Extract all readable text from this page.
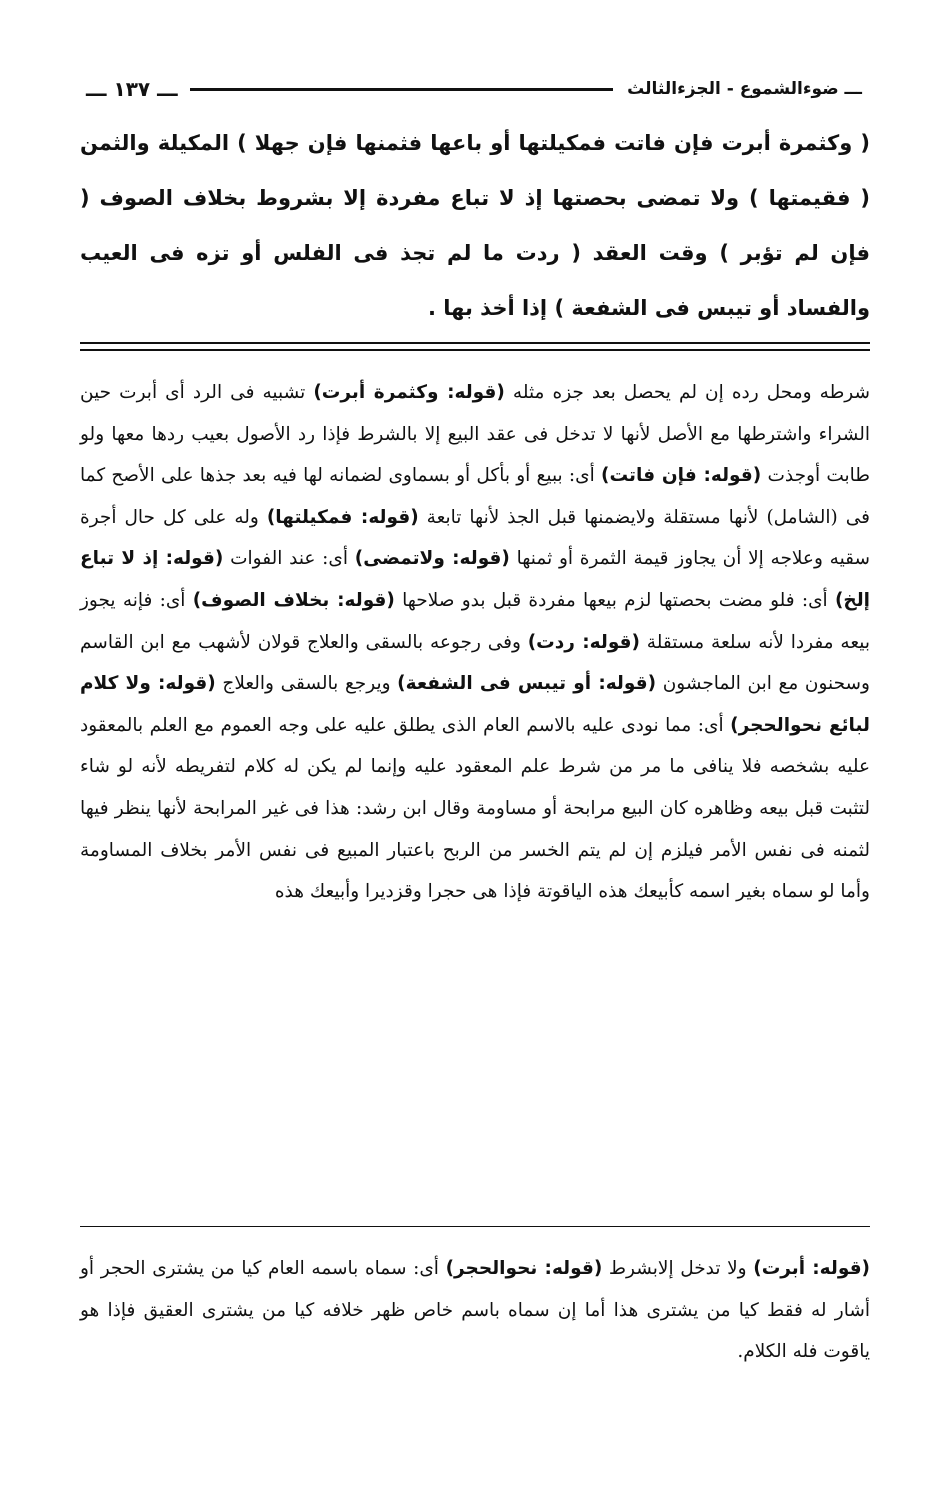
ـــ ضوءالشموع - الجزءالثالث
ـــ ١٣٧ ـــ

( وكثمرة أبرت فإن فاتت فمكيلتها أو باعها فثمنها فإن جهلا ) المكيلة والثمن ( فقيمتها ) ولا تمضى بحصتها إذ لا تباع مفردة إلا بشروط بخلاف الصوف ( فإن لم تؤبر ) وقت العقد ( ردت ما لم تجذ فى الفلس أو تزه فى العيب والفساد أو تيبس فى الشفعة ) إذا أخذ بها .

شرطه ومحل رده إن لم يحصل بعد جزه مثله (قوله: وكثمرة أبرت) تشبيه فى الرد أى أبرت حين الشراء واشترطها مع الأصل لأنها لا تدخل فى عقد البيع إلا بالشرط فإذا رد الأصول بعيب ردها معها ولو طابت أوجذت (قوله: فإن فاتت) أى: ببيع أو بأكل أو بسماوى لضمانه لها فيه بعد جذها على الأصح كما فى (الشامل) لأنها مستقلة ولايضمنها قبل الجذ لأنها تابعة (قوله: فمكيلتها) وله على كل حال أجرة سقيه وعلاجه إلا أن يجاوز قيمة الثمرة أو ثمنها (قوله: ولاتمضى) أى: عند الفوات (قوله: إذ لا تباع إلخ) أى: فلو مضت بحصتها لزم بيعها مفردة قبل بدو صلاحها (قوله: بخلاف الصوف) أى: فإنه يجوز بيعه مفردا لأنه سلعة مستقلة (قوله: ردت) وفى رجوعه بالسقى والعلاج قولان لأشهب مع ابن القاسم وسحنون مع ابن الماجشون (قوله: أو تيبس فى الشفعة) ويرجع بالسقى والعلاج (قوله: ولا كلام لبائع نحوالحجر) أى: مما نودى عليه بالاسم العام الذى يطلق عليه على وجه العموم مع العلم بالمعقود عليه بشخصه فلا ينافى ما مر من شرط علم المعقود عليه وإنما لم يكن له كلام لتفريطه لأنه لو شاء لتثبت قبل بيعه وظاهره كان البيع مرابحة أو مساومة وقال ابن رشد: هذا فى غير المرابحة لأنها ينظر فيها لثمنه فى نفس الأمر فيلزم إن لم يتم الخسر من الربح باعتبار المبيع فى نفس الأمر بخلاف المساومة وأما لو سماه بغير اسمه كأبيعك هذه الياقوتة فإذا هى حجرا وقزديرا وأبيعك هذه

(قوله: أبرت) ولا تدخل إلابشرط (قوله: نحوالحجر) أى: سماه باسمه العام كيا من يشترى الحجر أو أشار له فقط كيا من يشترى هذا أما إن سماه باسم خاص ظهر خلافه كيا من يشترى العقيق فإذا هو ياقوت فله الكلام.
